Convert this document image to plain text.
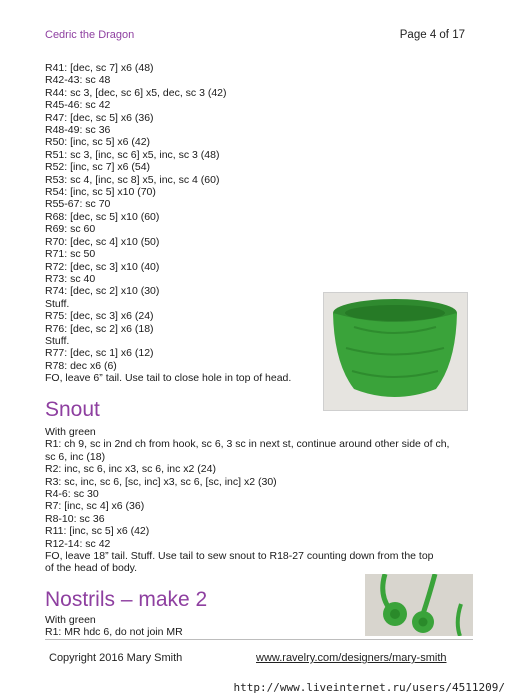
Cedric the Dragon	Page 4 of 17
R41: [dec, sc 7] x6 (48)
R42-43: sc 48
R44: sc 3, [dec, sc 6] x5, dec, sc 3 (42)
R45-46: sc 42
R47: [dec, sc 5] x6 (36)
R48-49: sc 36
R50: [inc, sc 5] x6 (42)
R51: sc 3, [inc, sc 6] x5, inc, sc 3 (48)
R52: [inc, sc 7] x6 (54)
R53: sc 4, [inc, sc 8] x5, inc, sc 4 (60)
R54: [inc, sc 5] x10 (70)
R55-67: sc 70
R68: [dec, sc 5] x10 (60)
R69: sc 60
R70: [dec, sc 4] x10 (50)
R71: sc 50
R72: [dec, sc 3] x10 (40)
R73: sc 40
R74: [dec, sc 2] x10 (30)
Stuff.
R75: [dec, sc 3] x6 (24)
R76: [dec, sc 2] x6 (18)
Stuff.
R77: [dec, sc 1] x6 (12)
R78: dec x6 (6)
FO, leave 6” tail. Use tail to close hole in top of head.
Snout
With green
R1: ch 9, sc in 2nd ch from hook, sc 6, 3 sc in next st, continue around other side of ch,
sc 6, inc (18)
R2: inc, sc 6, inc x3, sc 6, inc x2 (24)
R3: sc, inc, sc 6, [sc, inc] x3, sc 6, [sc, inc] x2 (30)
R4-6: sc 30
R7: [inc, sc 4] x6 (36)
R8-10: sc 36
R11: [inc, sc 5] x6 (42)
R12-14: sc 42
FO, leave 18” tail. Stuff. Use tail to sew snout to R18-27 counting down from the top
of the head of body.
Nostrils – make 2
With green
R1: MR hdc 6, do not join MR
Copyright 2016 Mary Smith	www.ravelry.com/designers/mary-smith
http://www.liveinternet.ru/users/4511209/
